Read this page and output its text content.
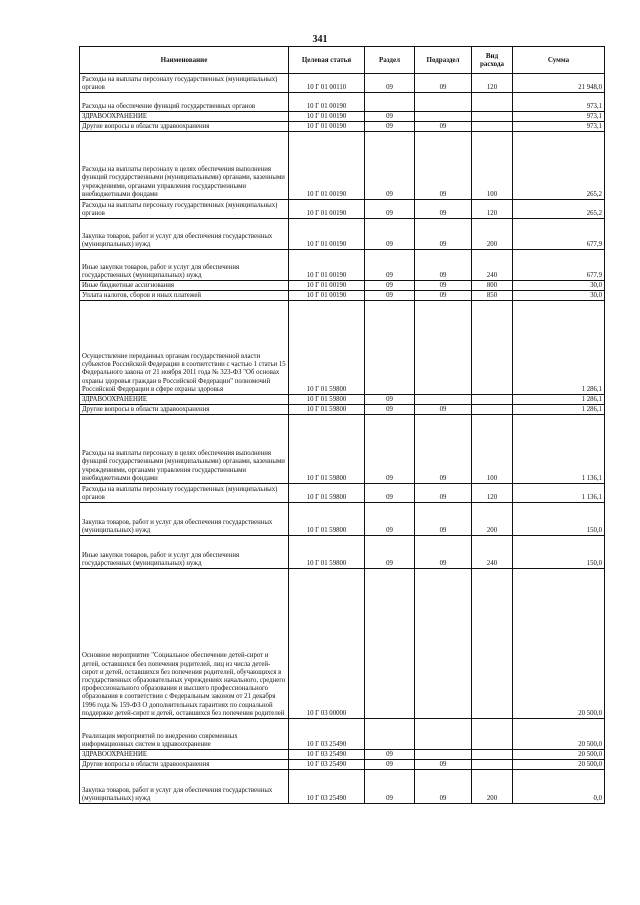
341
Наименование	Целевая статья	Раздел	Подраздел	Вид расхода	Сумма
Расходы на выплаты персоналу государственных (муниципальных) органов	10 Г 01 00110	09	09	120	21 948,0
Расходы на обеспечение функций государственных органов	10 Г 01 00190				973,1
ЗДРАВООХРАНЕНИЕ	10 Г 01 00190	09			973,1
Другие вопросы в области здравоохранения	10 Г 01 00190	09	09		973,1
Расходы на выплаты персоналу в целях обеспечения выполнения функций государственными (муниципальными) органами, казенными учреждениями, органами управления государственными внебюджетными фондами	10 Г 01 00190	09	09	100	265,2
Расходы на выплаты персоналу государственных (муниципальных) органов	10 Г 01 00190	09	09	120	265,2
Закупка товаров, работ и услуг для обеспечения государственных (муниципальных) нужд	10 Г 01 00190	09	09	200	677,9
Иные закупки товаров, работ и услуг для обеспечения государственных (муниципальных) нужд	10 Г 01 00190	09	09	240	677,9
Иные бюджетные ассигнования	10 Г 01 00190	09	09	800	30,0
Уплата налогов, сборов и иных платежей	10 Г 01 00190	09	09	850	30,0
Осуществление переданных органам государственной власти субъектов Российской Федерации в соответствии с частью 1 статьи 15 Федерального закона от 21 ноября 2011 года № 323-ФЗ "Об основах охраны здоровья граждан в Российской Федерации" полномочий Российской Федерации в сфере охраны здоровья	10 Г 01 59800				1 286,1
ЗДРАВООХРАНЕНИЕ	10 Г 01 59800	09			1 286,1
Другие вопросы в области здравоохранения	10 Г 01 59800	09	09		1 286,1
Расходы на выплаты персоналу в целях обеспечения выполнения функций государственными (муниципальными) органами, казенными учреждениями, органами управления государственными внебюджетными фондами	10 Г 01 59800	09	09	100	1 136,1
Расходы на выплаты персоналу государственных (муниципальных) органов	10 Г 01 59800	09	09	120	1 136,1
Закупка товаров, работ и услуг для обеспечения государственных (муниципальных) нужд	10 Г 01 59800	09	09	200	150,0
Иные закупки товаров, работ и услуг для обеспечения государственных (муниципальных) нужд	10 Г 01 59800	09	09	240	150,0
Основное мероприятие "Социальное обеспечение детей-сирот и детей, оставшихся без попечения родителей, лиц из числа детей-сирот и детей, оставшихся без попечения родителей, обучающихся в государственных образовательных учреждениях начального, среднего профессионального образования и высшего профессионального образования в соответствии с Федеральным законом от 21 декабря 1996 года № 159-ФЗ О дополнительных гарантиях по социальной поддержке детей-сирот и детей, оставшихся без попечения родителей	10 Г 03 00000				20 500,0
Реализация мероприятий по внедрению современных информационных систем в здравоохранение	10 Г 03 25490				20 500,0
ЗДРАВООХРАНЕНИЕ	10 Г 03 25490	09			20 500,0
Другие вопросы в области здравоохранения	10 Г 03 25490	09	09		20 500,0
Закупка товаров, работ и услуг для обеспечения государственных (муниципальных) нужд	10 Г 03 25490	09	09	200	0,0
